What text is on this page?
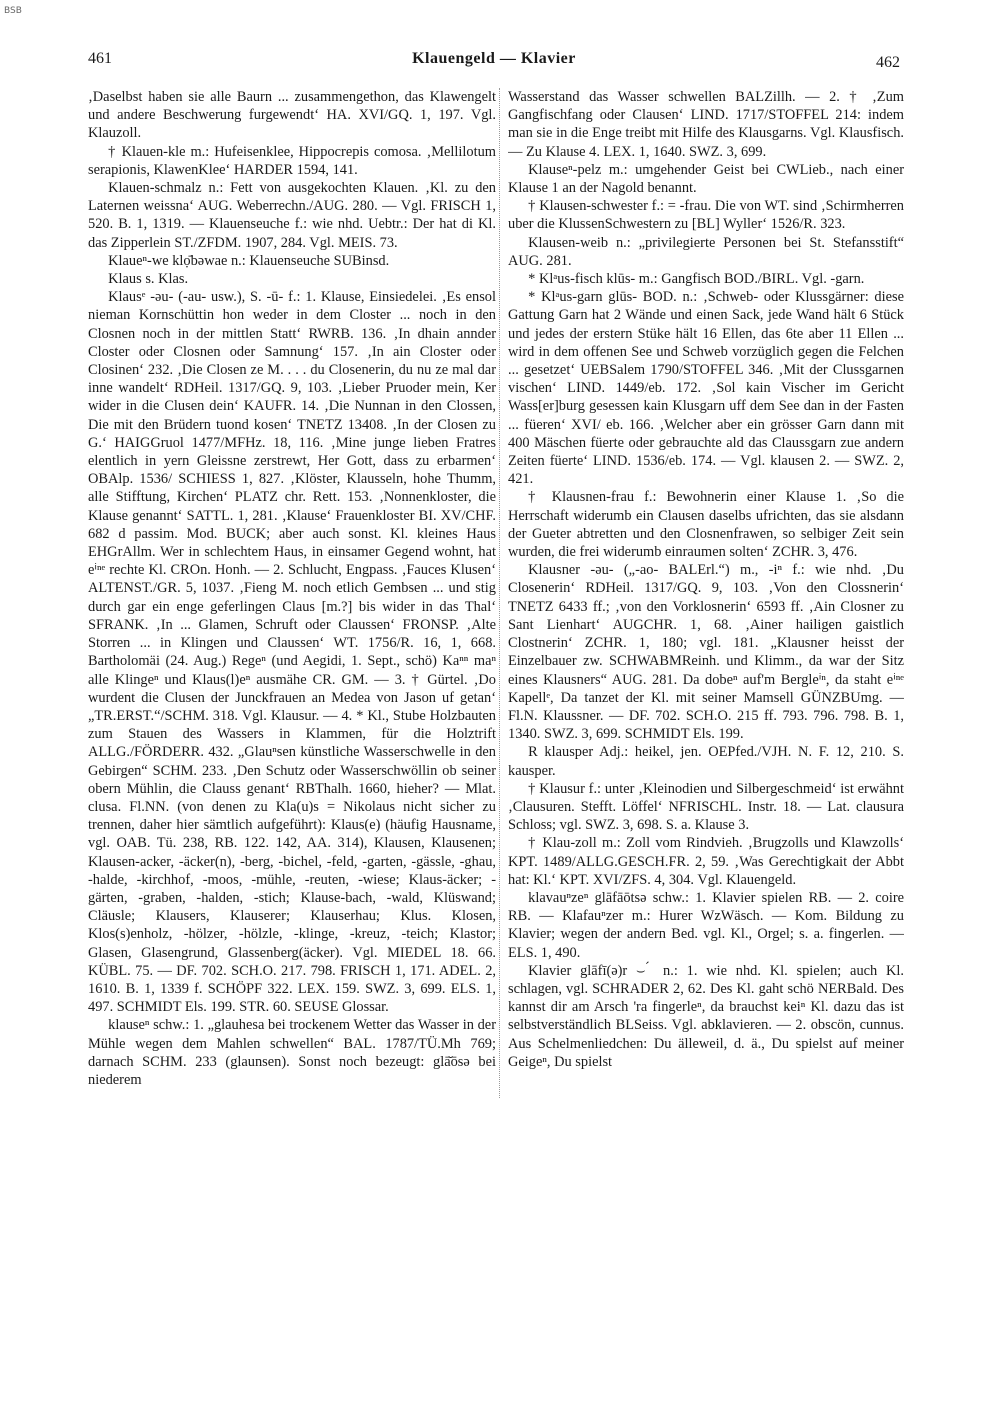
BSB
461	Klauengeld — Klavier	462

‚Daselbst haben sie alle Baurn ... zusammengethon, das Klawengelt und andere Beschwerung furgewendt‘ HA. XVI/GQ. 1, 197. Vgl. Klauzoll.

† Klauen-kle m.: Hufeisenklee, Hippocrepis comosa. ‚Mellilotum serapionis, KlawenKlee‘ HARDER 1594, 141.

Klauen-schmalz n.: Fett von ausgekochten Klauen. ‚Kl. zu den Laternen weissna‘ AUG. Weberrechn./AUG. 280. — Vgl. FRISCH 1, 520. B. 1, 1319. — Klauenseuche f.: wie nhd. Uebtr.: Der hat di Kl. das Zipperlein ST./ZFDM. 1907, 284. Vgl. MEIS. 73.

Klaueⁿ-we klọ̄bəwae n.: Klauenseuche SUBinsd.

Klaus s. Klas.

Klausᵉ -əu- (-au- usw.), S. -ū- f.: 1. Klause, Einsiedelei. ‚Es ensol nieman Kornschüttin hon weder in dem Closter ... noch in den Closnen noch in der mittlen Statt‘ RWRB. 136. ‚In dhain annder Closter oder Closnen oder Samnung‘ 157. ‚In ain Closter oder Closinen‘ 232. ‚Die Closen ze M. . . . du Closenerin, du nu ze mal dar inne wandelt‘ RDHeil. 1317/GQ. 9, 103. ‚Lieber Pruoder mein, Ker wider in die Clusen dein‘ KAUFR. 14. ‚Die Nunnan in den Clossen, Die mit den Brüdern tuond kosen‘ TNETZ 13408. ‚In der Closen zu G.‘ HAIGGruol 1477/MFHz. 18, 116. ‚Mine junge lieben Fratres elentlich in yern Gleissne zerstrewt, Her Gott, dass zu erbarmen‘ OBAlp. 1536/ SCHIESS 1, 827. ‚Klöster, Klausseln, hohe Thumm, alle Stifftung, Kirchen‘ PLATZ chr. Rett. 153. ‚Nonnenkloster, die Klause genannt‘ SATTL. 1, 281. ‚Klause‘ Frauenkloster BI. XV/CHF. 682 d passim. Mod. BUCK; aber auch sonst. Kl. kleines Haus EHGrAllm. Wer in schlechtem Haus, in einsamer Gegend wohnt, hat eⁱⁿᵉ rechte Kl. CROn. Honh. — 2. Schlucht, Engpass. ‚Fauces Klusen‘ ALTENST./GR. 5, 1037. ‚Fieng M. noch etlich Gembsen ... und stig durch gar ein enge geferlingen Claus [m.?] bis wider in das Thal‘ SFRANK. ‚In ... Glamen, Schruft oder Claussen‘ FRONSP. ‚Alte Storren ... in Klingen und Claussen‘ WT. 1756/R. 16, 1, 668. Bartholomäi (24. Aug.) Regeⁿ (und Aegidi, 1. Sept., schö) Kaⁿⁿ maⁿ alle Klingeⁿ und Klaus(l)eⁿ ausmähe CR. GM. — 3. † Gürtel. ‚Do wurdent die Clusen der Junckfrauen an Medea von Jason uf getan‘ „TR.ERST.“/SCHM. 318. Vgl. Klausur. — 4. * Kl., Stube Holzbauten zum Stauen des Wassers in Klammen, für die Holztrift ALLG./FÖRDERR. 432. „Glauⁿsen künstliche Wasserschwelle in den Gebirgen“ SCHM. 233. ‚Den Schutz oder Wasserschwöllin ob seiner obern Mühlin, die Clauss genant‘ RBThalh. 1660, hieher? — Mlat. clusa. Fl.NN. (von denen zu Kla(u)s = Nikolaus nicht sicher zu trennen, daher hier sämtlich aufgeführt): Klaus(e) (häufig Hausname, vgl. OAB. Tü. 238, RB. 122. 142, AA. 314), Klausen, Klausenen; Klausen-acker, -äcker(n), -berg, -bichel, -feld, -garten, -gässle, -ghau, -halde, -kirchhof, -moos, -mühle, -reuten, -wiese; Klaus-äcker; -gärten, -graben, -halden, -stich; Klause-bach, -wald, Klüswand; Cläusle; Klausers, Klauserer; Klauserhau; Klus. Klosen, Klos(s)enholz, -hölzer, -hölzle, -klinge, -kreuz, -teich; Klastor; Glasen, Glasengrund, Glassenberg(äcker). Vgl. MIEDEL 18. 66. KÜBL. 75. — DF. 702. SCH.O. 217. 798. FRISCH 1, 171. ADEL. 2, 1610. B. 1, 1339 f. SCHÖPF 322. LEX. 159. SWZ. 3, 699. ELS. 1, 497. SCHMIDT Els. 199. STR. 60. SEUSE Glossar.

klauseⁿ schw.: 1. „glauhesa bei trockenem Wetter das Wasser in der Mühle wegen dem Mahlen schwellen“ BAL. 1787/TÜ.Mh 769; darnach SCHM. 233 (glaunsen). Sonst noch bezeugt: glā̆ōsə bei niederem

Wasserstand das Wasser schwellen BALZillh. — 2. † ‚Zum Gangfischfang oder Clausen‘ LIND. 1717/STOFFEL 214: indem man sie in die Enge treibt mit Hilfe des Klausgarns. Vgl. Klausfisch. — Zu Klause 4. LEX. 1, 1640. SWZ. 3, 699.

Klauseⁿ-pelz m.: umgehender Geist bei CWLieb., nach einer Klause 1 an der Nagold benannt.

† Klausen-schwester f.: = -frau. Die von WT. sind ‚Schirmherren uber die KlussenSchwestern zu [BL] Wyller‘ 1526/R. 323.

Klausen-weib n.: „privilegierte Personen bei St. Stefansstift“ AUG. 281.

* Klᵃus-fisch klūs- m.: Gangfisch BOD./BIRL. Vgl. -garn.

* Klᵃus-garn glūs- BOD. n.: ‚Schweb- oder Klussgärner: diese Gattung Garn hat 2 Wände und einen Sack, jede Wand hält 6 Stück und jedes der erstern Stüke hält 16 Ellen, das 6te aber 11 Ellen ... wird in dem offenen See und Schweb vorzüglich gegen die Felchen ... gesetzet‘ UEBSalem 1790/STOFFEL 346. ‚Mit der Clussgarnen vischen‘ LIND. 1449/eb. 172. ‚Sol kain Vischer im Gericht Wass[er]burg gesessen kain Klusgarn uff dem See dan in der Fasten ... füeren‘ XVI/ eb. 166. ‚Welcher aber ein grösser Garn dann mit 400 Mäschen füerte oder gebrauchte ald das Claussgarn zue andern Zeiten füerte‘ LIND. 1536/eb. 174. — Vgl. klausen 2. — SWZ. 2, 421.

† Klausnen-frau f.: Bewohnerin einer Klause 1. ‚So die Herrschaft widerumb ein Clausen daselbs ufrichten, das sie alsdann der Gueter abtretten und den Closnenfrawen, so selbiger Zeit sein wurden, die frei widerumb einraumen solten‘ ZCHR. 3, 476.

Klausner -əu- („-ao- BALErl.“) m., -iⁿ f.: wie nhd. ‚Du Closenerin‘ RDHeil. 1317/GQ. 9, 103. ‚Von den Clossnerin‘ TNETZ 6433 ff.; ‚von den Vorklosnerin‘ 6593 ff. ‚Ain Closner zu Sant Lienhart‘ AUGCHR. 1, 68. ‚Ainer hailigen gaistlich Clostnerin‘ ZCHR. 1, 180; vgl. 181. „Klausner heisst der Einzelbauer zw. SCHWABMReinh. und Klimm., da war der Sitz eines Klausners“ AUG. 281. Da dobeⁿ auf'm Bergleⁱⁿ, da staht eⁱⁿᵉ Kapellᵉ, Da tanzet der Kl. mit seiner Mamsell GÜNZBUmg. — Fl.N. Klaussner. — DF. 702. SCH.O. 215 ff. 793. 796. 798. B. 1, 1340. SWZ. 3, 699. SCHMIDT Els. 199.

R klausper Adj.: heikel, jen. OEPfed./VJH. N. F. 12, 210. S. kausper.

† Klausur f.: unter ‚Kleinodien und Silbergeschmeid‘ ist erwähnt ‚Clausuren. Stefft. Löffel‘ NFRISCHL. Instr. 18. — Lat. clausura Schloss; vgl. SWZ. 3, 698. S. a. Klause 3.

† Klau-zoll m.: Zoll vom Rindvieh. ‚Brugzolls und Klawzolls‘ KPT. 1489/ALLG.GESCH.FR. 2, 59. ‚Was Gerechtigkait der Abbt hat: Kl.‘ KPT. XVI/ZFS. 4, 304. Vgl. Klauengeld.

klavauⁿzeⁿ glāfāōtsə schw.: 1. Klavier spielen RB. — 2. coire RB. — Klafauⁿzer m.: Hurer WzWäsch. — Kom. Bildung zu Klavier; wegen der andern Bed. vgl. Kl., Orgel; s. a. fingerlen. — ELS. 1, 490.

Klavier glāfī(ə)r ⌣ ́ n.: 1. wie nhd. Kl. spielen; auch Kl. schlagen, vgl. SCHRADER 2, 62. Des Kl. gaht schö NERBald. Des kannst dir am Arsch 'ra fingerleⁿ, da brauchst keiⁿ Kl. dazu das ist selbstverständlich BLSeiss. Vgl. abklavieren. — 2. obscön, cunnus. Aus Schelmenliedchen: Du älleweil, d. ä., Du spielst auf meiner Geigeⁿ, Du spielst
